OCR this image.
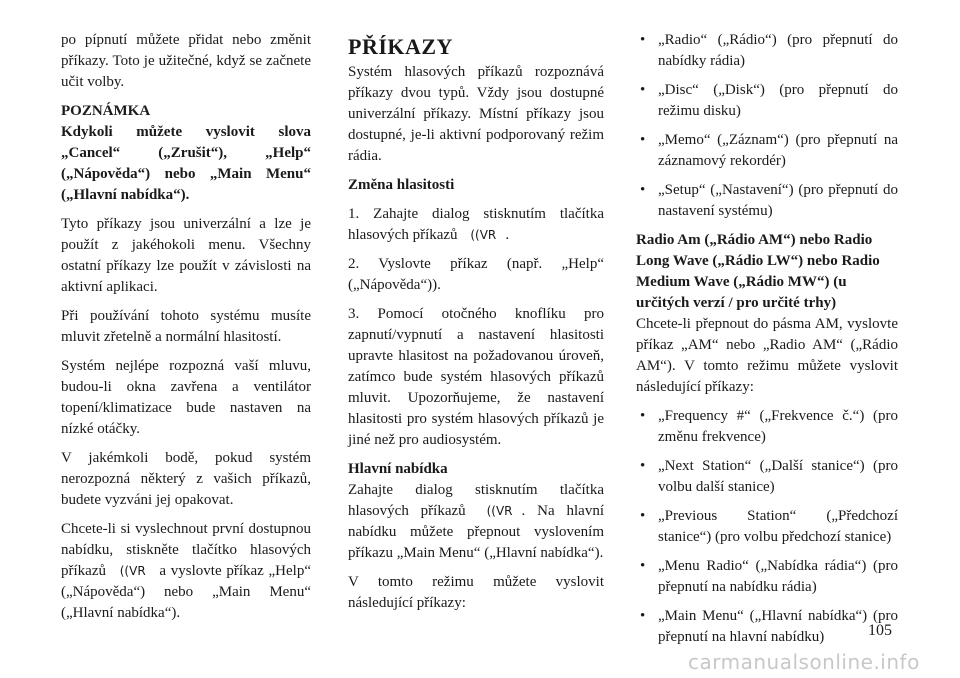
po pípnutí můžete přidat nebo změnit příkazy. Toto je užitečné, když se začnete učit volby.

POZNÁMKA

Kdykoli můžete vyslovit slova „Cancel“ („Zrušit“), „Help“ („Nápověda“) nebo „Main Menu“ („Hlavní nabídka“).

Tyto příkazy jsou univerzální a lze je použít z jakéhokoli menu. Všechny ostatní příkazy lze použít v závislosti na aktivní aplikaci.

Při používání tohoto systému musíte mluvit zřetelně a normální hlasitostí.

Systém nejlépe rozpozná vaší mluvu, budou-li okna zavřena a ventilátor topení/klimatizace bude nastaven na nízké otáčky.

V jakémkoli bodě, pokud systém nerozpozná některý z vašich příkazů, budete vyzváni jej opakovat.

Chcete-li si vyslechnout první dostupnou nabídku, stiskněte tlačítko hlasových příkazů ((VR a vyslovte příkaz „Help“ („Nápověda“) nebo „Main Menu“ („Hlavní nabídka“).

PŘÍKAZY

Systém hlasových příkazů rozpoznává příkazy dvou typů. Vždy jsou dostupné univerzální příkazy. Místní příkazy jsou dostupné, je-li aktivní podporovaný režim rádia.

Změna hlasitosti

1. Zahajte dialog stisknutím tlačítka hlasových příkazů ((VR .

2. Vyslovte příkaz (např. „Help“ („Nápověda“)).

3. Pomocí otočného knoflíku pro zapnutí/vypnutí a nastavení hlasitosti upravte hlasitost na požadovanou úroveň, zatímco bude systém hlasových příkazů mluvit. Upozorňujeme, že nastavení hlasitosti pro systém hlasových příkazů je jiné než pro audiosystém.

Hlavní nabídka

Zahajte dialog stisknutím tlačítka hlasových příkazů ((VR . Na hlavní nabídku můžete přepnout vyslovením příkazu „Main Menu“ („Hlavní nabídka“).

V tomto režimu můžete vyslovit následující příkazy:

• „Radio“ („Rádio“) (pro přepnutí do nabídky rádia)
• „Disc“ („Disk“) (pro přepnutí do režimu disku)
• „Memo“ („Záznam“) (pro přepnutí na záznamový rekordér)
• „Setup“ („Nastavení“) (pro přepnutí do nastavení systému)

Radio Am („Rádio AM“) nebo Radio Long Wave („Rádio LW“) nebo Radio Medium Wave („Rádio MW“) (u určitých verzí / pro určité trhy)

Chcete-li přepnout do pásma AM, vyslovte příkaz „AM“ nebo „Radio AM“ („Rádio AM“). V tomto režimu můžete vyslovit následující příkazy:

• „Frequency #“ („Frekvence č.“) (pro změnu frekvence)
• „Next Station“ („Další stanice“) (pro volbu další stanice)
• „Previous Station“ („Předchozí stanice“) (pro volbu předchozí stanice)
• „Menu Radio“ („Nabídka rádia“) (pro přepnutí na nabídku rádia)
• „Main Menu“ („Hlavní nabídka“) (pro přepnutí na hlavní nabídku)	105
carmanualsonline.info
